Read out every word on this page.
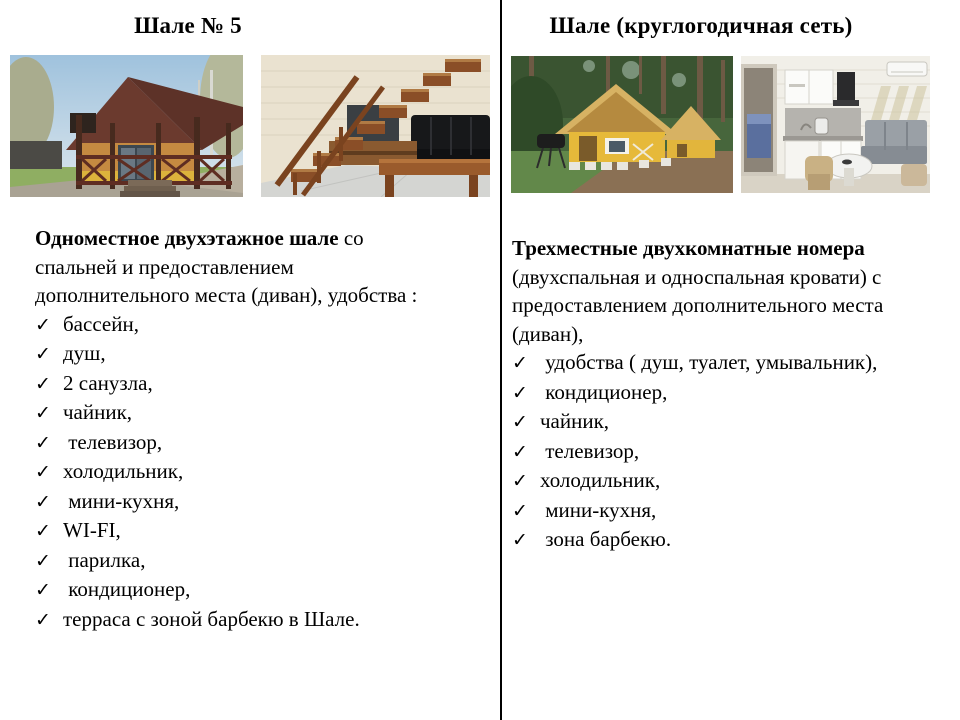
Шале № 5

Одноместное двухэтажное шале со спальней и предоставлением дополнительного места (диван), удобства :

✓ бассейн,
✓ душ,
✓ 2 санузла,
✓ чайник,
✓ телевизор,
✓ холодильник,
✓ мини-кухня,
✓ WI-FI,
✓ парилка,
✓ кондиционер,
✓ терраса с зоной барбекю в Шале.
Шале (круглогодичная сеть)

Трехместные двухкомнатные номера (двухспальная и односпальная кровати) с предоставлением дополнительного места (диван),

✓ удобства ( душ, туалет, умывальник),
✓ кондиционер,
✓ чайник,
✓ телевизор,
✓ холодильник,
✓ мини-кухня,
✓ зона барбекю.
